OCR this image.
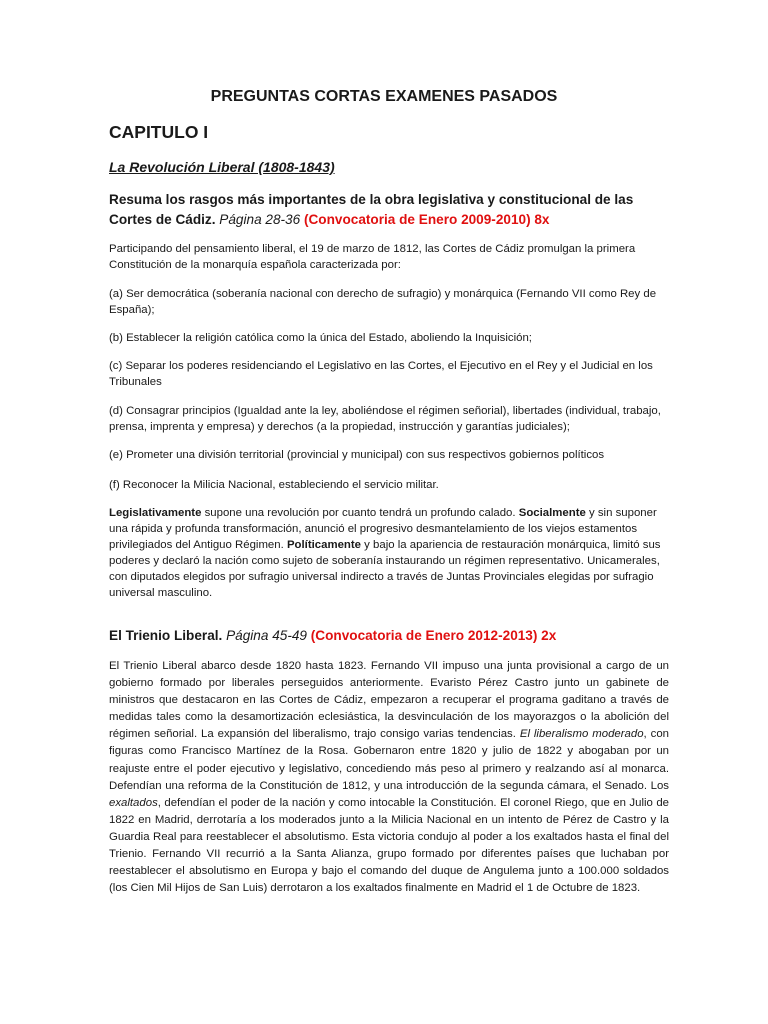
PREGUNTAS CORTAS EXAMENES PASADOS
CAPITULO I
La Revolución Liberal (1808-1843)
Resuma los rasgos más importantes de la obra legislativa y constitucional de las Cortes de Cádiz. Página 28-36 (Convocatoria de Enero 2009-2010) 8x

Participando del pensamiento liberal, el 19 de marzo de 1812, las Cortes de Cádiz promulgan la primera Constitución de la monarquía española caracterizada por:

(a) Ser democrática (soberanía nacional con derecho de sufragio) y monárquica (Fernando VII como Rey de España);

(b) Establecer la religión católica como la única del Estado, aboliendo la Inquisición;

(c) Separar los poderes residenciando el Legislativo en las Cortes, el Ejecutivo en el Rey y el Judicial en los Tribunales

(d) Consagrar principios (Igualdad ante la ley, aboliéndose el régimen señorial), libertades (individual, trabajo, prensa, imprenta y empresa) y derechos (a la propiedad, instrucción y garantías judiciales);

(e) Prometer una división territorial (provincial y municipal) con sus respectivos gobiernos políticos

(f) Reconocer la Milicia Nacional, estableciendo el servicio militar.

Legislativamente supone una revolución por cuanto tendrá un profundo calado. Socialmente y sin suponer una rápida y profunda transformación, anunció el progresivo desmantelamiento de los viejos estamentos privilegiados del Antiguo Régimen. Políticamente y bajo la apariencia de restauración monárquica, limitó sus poderes y declaró la nación como sujeto de soberanía instaurando un régimen representativo. Unicamerales, con diputados elegidos por sufragio universal indirecto a través de Juntas Provinciales elegidas por sufragio universal masculino.

El Trienio Liberal. Página 45-49 (Convocatoria de Enero 2012-2013) 2x

El Trienio Liberal abarco desde 1820 hasta 1823. Fernando VII impuso una junta provisional a cargo de un gobierno formado por liberales perseguidos anteriormente. Evaristo Pérez Castro junto un gabinete de ministros que destacaron en las Cortes de Cádiz, empezaron a recuperar el programa gaditano a través de medidas tales como la desamortización eclesiástica, la desvinculación de los mayorazgos o la abolición del régimen señorial. La expansión del liberalismo, trajo consigo varias tendencias. El liberalismo moderado, con figuras como Francisco Martínez de la Rosa. Gobernaron entre 1820 y julio de 1822 y abogaban por un reajuste entre el poder ejecutivo y legislativo, concediendo más peso al primero y realzando así al monarca. Defendían una reforma de la Constitución de 1812, y una introducción de la segunda cámara, el Senado. Los exaltados, defendían el poder de la nación y como intocable la Constitución. El coronel Riego, que en Julio de 1822 en Madrid, derrotaría a los moderados junto a la Milicia Nacional en un intento de Pérez de Castro y la Guardia Real para reestablecer el absolutismo. Esta victoria condujo al poder a los exaltados hasta el final del Trienio. Fernando VII recurrió a la Santa Alianza, grupo formado por diferentes países que luchaban por reestablecer el absolutismo en Europa y bajo el comando del duque de Angulema junto a 100.000 soldados (los Cien Mil Hijos de San Luis) derrotaron a los exaltados finalmente en Madrid el 1 de Octubre de 1823.
